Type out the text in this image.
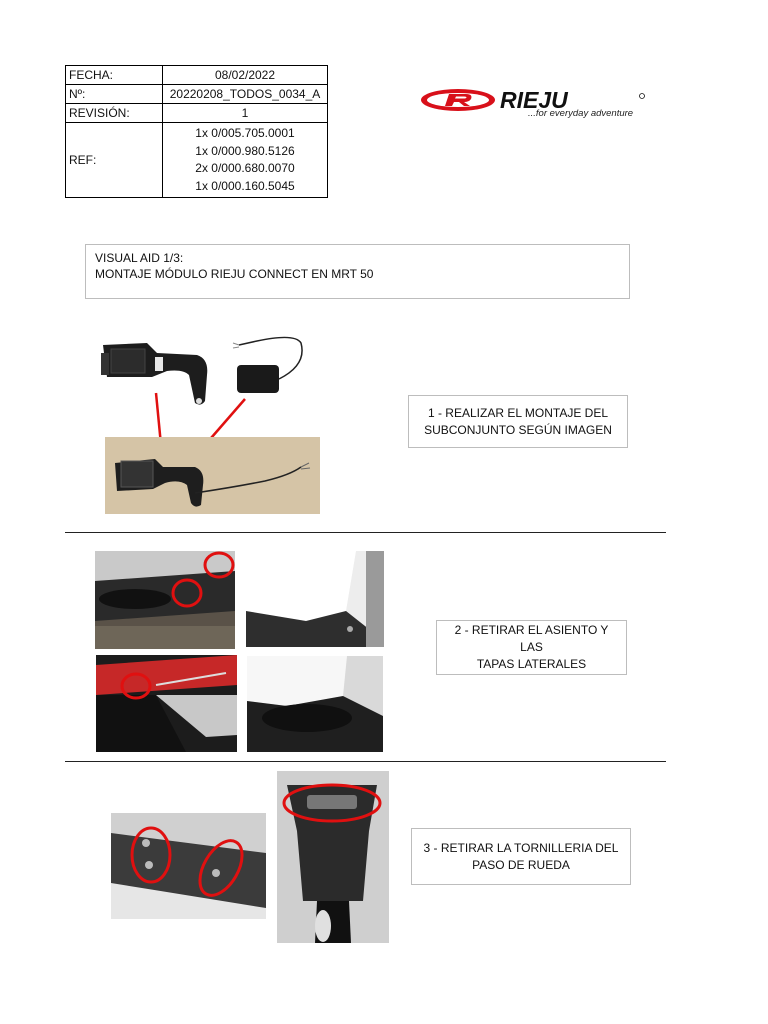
FECHA:	08/02/2022
Nº:	20220208_TODOS_0034_A
REVISIÓN:	1
REF:	1x 0/005.705.0001
1x 0/000.980.5126
2x 0/000.680.0070
1x 0/000.160.5045
RIEJU
...for everyday adventure
VISUAL AID 1/3:
MONTAJE MÓDULO RIEJU CONNECT EN MRT 50
1 - REALIZAR EL MONTAJE DEL
SUBCONJUNTO SEGÚN IMAGEN
2 - RETIRAR EL ASIENTO Y LAS
TAPAS LATERALES
3 - RETIRAR LA TORNILLERIA DEL
PASO DE RUEDA
